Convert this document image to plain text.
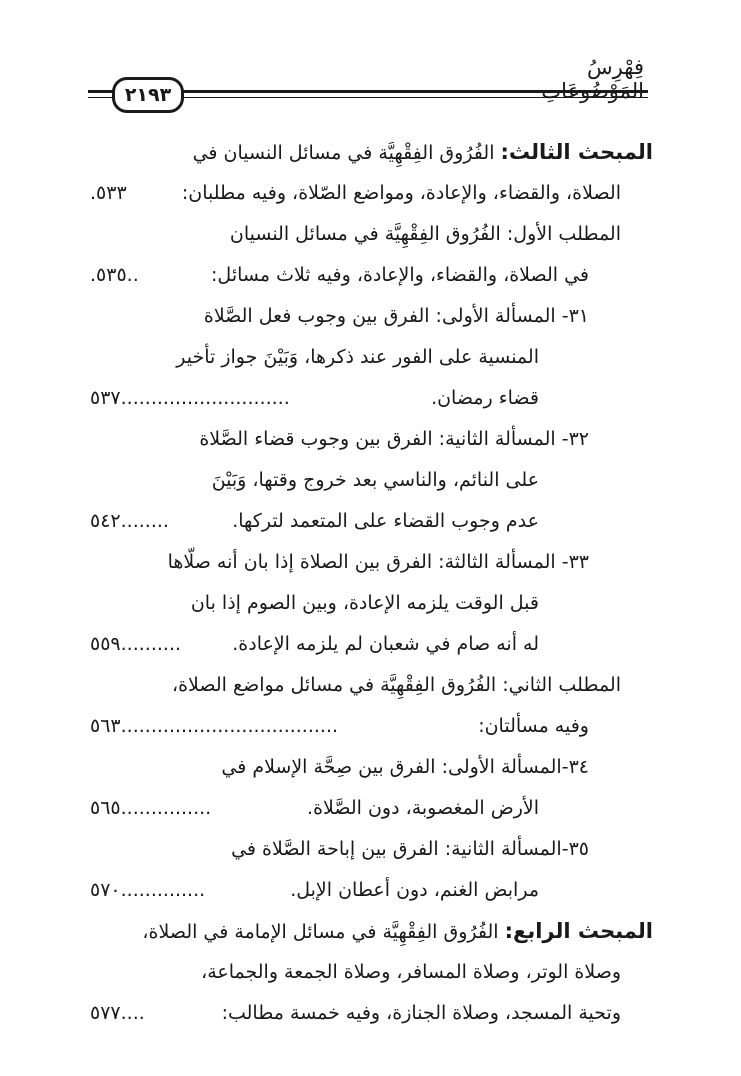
فِهْرِسُ المَوْضُوعَاتِ
٢١٩٣
المبحث الثالث: الفُرُوق الفِقْهِيَّة في مسائل النسيان في
الصلاة، والقضاء، والإعادة، ومواضع الصّلاة، وفيه مطلبان:
٥٣٣.
المطلب الأول: الفُرُوق الفِقْهِيَّة في مسائل النسيان
في الصلاة، والقضاء، والإعادة، وفيه ثلاث مسائل:
..٥٣٥.
٣١- المسألة الأولى: الفرق بين وجوب فعل الصَّلاة
المنسية على الفور عند ذكرها، وَبَيْنَ جواز تأخير
قضاء رمضان.
............................٥٣٧
٣٢- المسألة الثانية: الفرق بين وجوب قضاء الصَّلاة
على النائم، والناسي بعد خروج وقتها، وَبَيْنَ
عدم وجوب القضاء على المتعمد لتركها.
........٥٤٢
٣٣- المسألة الثالثة: الفرق بين الصلاة إذا بان أنه صلّاها
قبل الوقت يلزمه الإعادة، وبين الصوم إذا بان
له أنه صام في شعبان لم يلزمه الإعادة.
..........٥٥٩
المطلب الثاني: الفُرُوق الفِقْهِيَّة في مسائل مواضع الصلاة،
وفيه مسألتان:
....................................٥٦٣
٣٤-المسألة الأولى: الفرق بين صِحَّة الإسلام في
الأرض المغصوبة، دون الصَّلاة.
...............٥٦٥
٣٥-المسألة الثانية: الفرق بين إباحة الصَّلاة في
مرابض الغنم، دون أعطان الإبل.
..............٥٧٠
المبحث الرابع: الفُرُوق الفِقْهِيَّة في مسائل الإمامة في الصلاة،
وصلاة الوتر، وصلاة المسافر، وصلاة الجمعة والجماعة،
وتحية المسجد، وصلاة الجنازة، وفيه خمسة مطالب:
....٥٧٧
